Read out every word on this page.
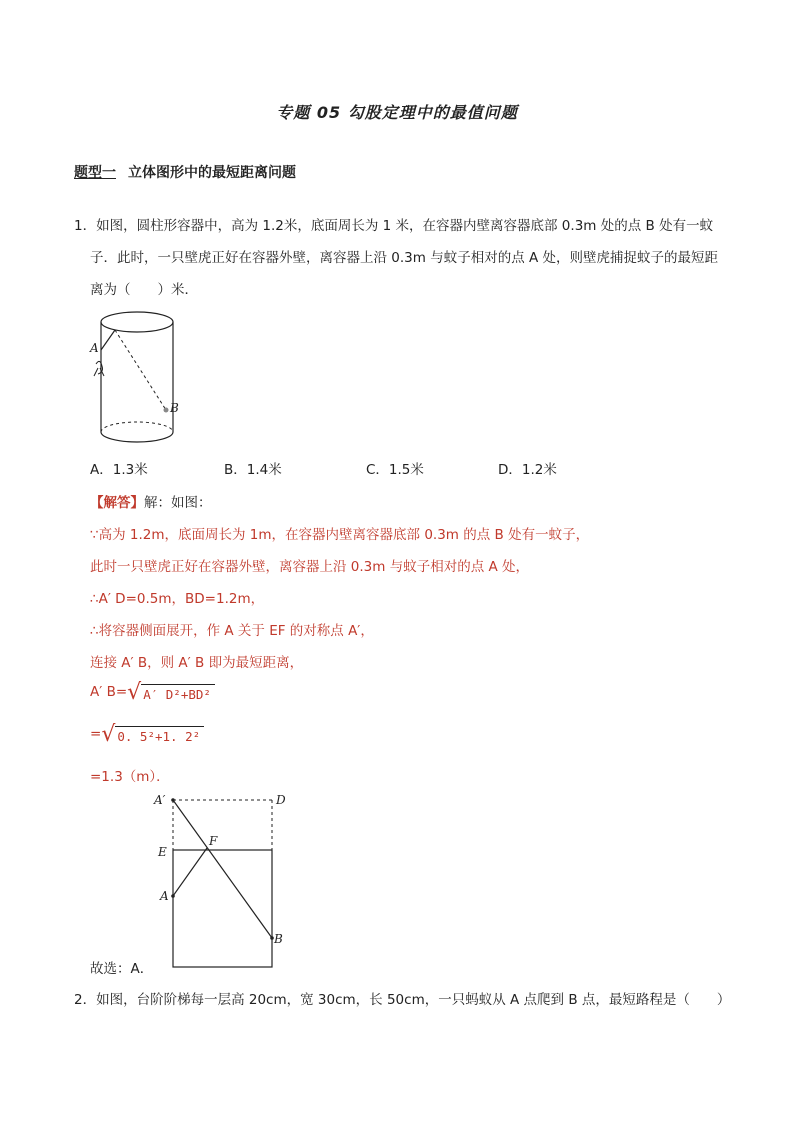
专题 05 勾股定理中的最值问题
题型一 立体图形中的最短距离问题
1．如图，圆柱形容器中，高为 1.2米，底面周长为 1 米，在容器内壁离容器底部 0.3m 处的点 B 处有一蚊
子．此时，一只壁虎正好在容器外壁，离容器上沿 0.3m 与蚊子相对的点 A 处，则壁虎捕捉蚊子的最短距
离为（　　）米．
A
B
A．1.3米	B．1.4米	C．1.5米	D．1.2米
【解答】解：如图：
∵高为 1.2m，底面周长为 1m，在容器内壁离容器底部 0.3m 的点 B 处有一蚊子，
此时一只壁虎正好在容器外壁，离容器上沿 0.3m 与蚊子相对的点 A 处，
∴A′ D=0.5m，BD=1.2m，
∴将容器侧面展开，作 A 关于 EF 的对称点 A′，
连接 A′ B，则 A′ B 即为最短距离，
A′ B= √ A′ D²+BD²
= √ 0. 5²+1. 2²
=1.3（m）．
A′	D
E
F
A
B
故选：A．
2．如图，台阶阶梯每一层高 20cm，宽 30cm，长 50cm，一只蚂蚁从 A 点爬到 B 点，最短路程是（　　）
